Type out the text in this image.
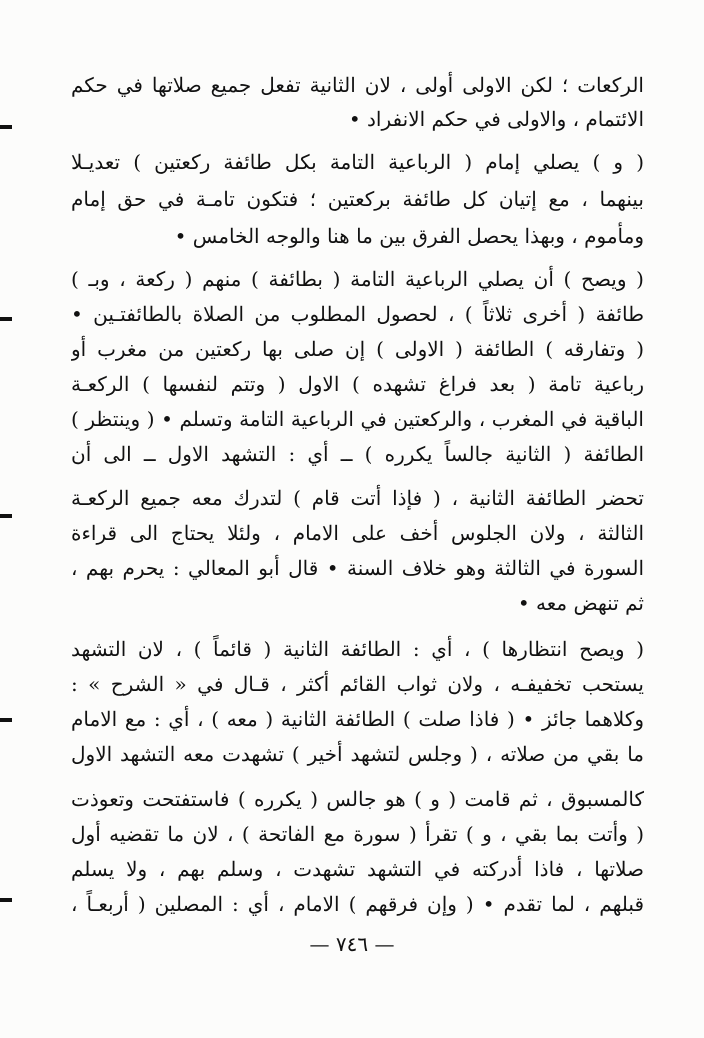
الركعات ؛ لكن الاولى أولى ، لان الثانية تفعل جميع صلاتها في حكم
الائتمام ، والاولى في حكم الانفراد •
( و ) يصلي إمام ( الرباعية التامة بكل طائفة ركعتين ) تعديـلا
بينهما ، مع إتيان كل طائفة بركعتين ؛ فتكون تامـة في حق إمام
ومأموم ، وبهذا يحصل الفرق بين ما هنا والوجه الخامس •
( ويصح ) أن يصلي الرباعية التامة ( بطائفة ) منهم ( ركعة ، وبـ )
طائفة ( أخرى ثلاثاً ) ، لحصول المطلوب من الصلاة بالطائفتـين •
( وتفارقه ) الطائفة ( الاولى ) إن صلى بها ركعتين من مغرب أو
رباعية تامة ( بعد فراغ تشهده ) الاول ( وتتم لنفسها ) الركعـة
الباقية في المغرب ، والركعتين في الرباعية التامة وتسلم • ( وينتظر )
الطائفة ( الثانية جالساً يكرره ) ــ أي : التشهد الاول ــ الى أن
تحضر الطائفة الثانية ، ( فإذا أتت قام ) لتدرك معه جميع الركعـة
الثالثة ، ولان الجلوس أخف على الامام ، ولئلا يحتاج الى قراءة
السورة في الثالثة وهو خلاف السنة • قال أبو المعالي : يحرم بهم ،
ثم تنهض معه •
( ويصح انتظارها ) ، أي : الطائفة الثانية ( قائماً ) ، لان التشهد
يستحب تخفيفـه ، ولان ثواب القائم أكثر ، قـال في « الشرح » :
وكلاهما جائز • ( فاذا صلت ) الطائفة الثانية ( معه ) ، أي : مع الامام
ما بقي من صلاته ، ( وجلس لتشهد أخير ) تشهدت معه التشهد الاول
كالمسبوق ، ثم قامت ( و ) هو جالس ( يكرره ) فاستفتحت وتعوذت
( وأتت بما بقي ، و ) تقرأ ( سورة مع الفاتحة ) ، لان ما تقضيه أول
صلاتها ، فاذا أدركته في التشهد تشهدت ، وسلم بهم ، ولا يسلم
قبلهم ، لما تقدم • ( وإن فرقهم ) الامام ، أي : المصلين ( أربعـاً ،
— ٧٤٦ —
